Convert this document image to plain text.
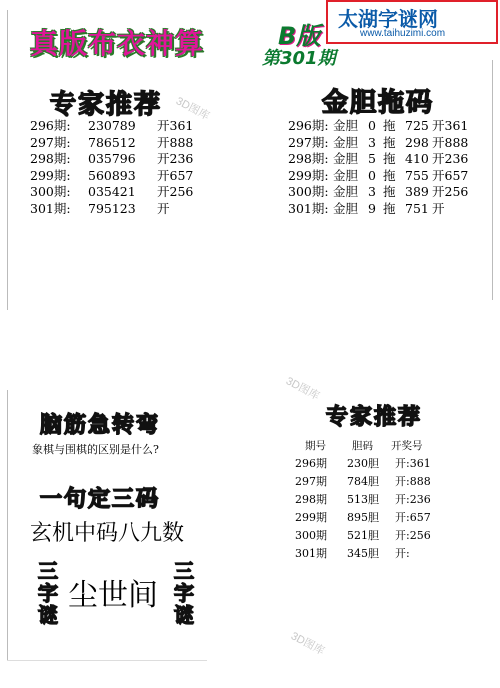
3D图库
3D图库
3D图库
真版布衣神算	B版
第301期
太湖字谜网
www.taihuzimi.com
专家推荐
296期: 230789 开361
297期: 786512 开888
298期: 035796 开236
299期: 560893 开657
300期: 035421 开256
301期: 795123 开
金胆拖码
296期: 金胆 0 拖 725 开361
297期: 金胆 3 拖 298 开888
298期: 金胆 5 拖 410 开236
299期: 金胆 0 拖 755 开657
300期: 金胆 3 拖 389 开256
301期: 金胆 9 拖 751 开
脑筋急转弯
象棋与围棋的区别是什么?
一句定三码
玄机中码八九数
三
字
谜
尘世间
三
字
谜
专家推荐
期号 胆码 开奖号
296期 230胆 开:361
297期 784胆 开:888
298期 513胆 开:236
299期 895胆 开:657
300期 521胆 开:256
301期 345胆 开:
